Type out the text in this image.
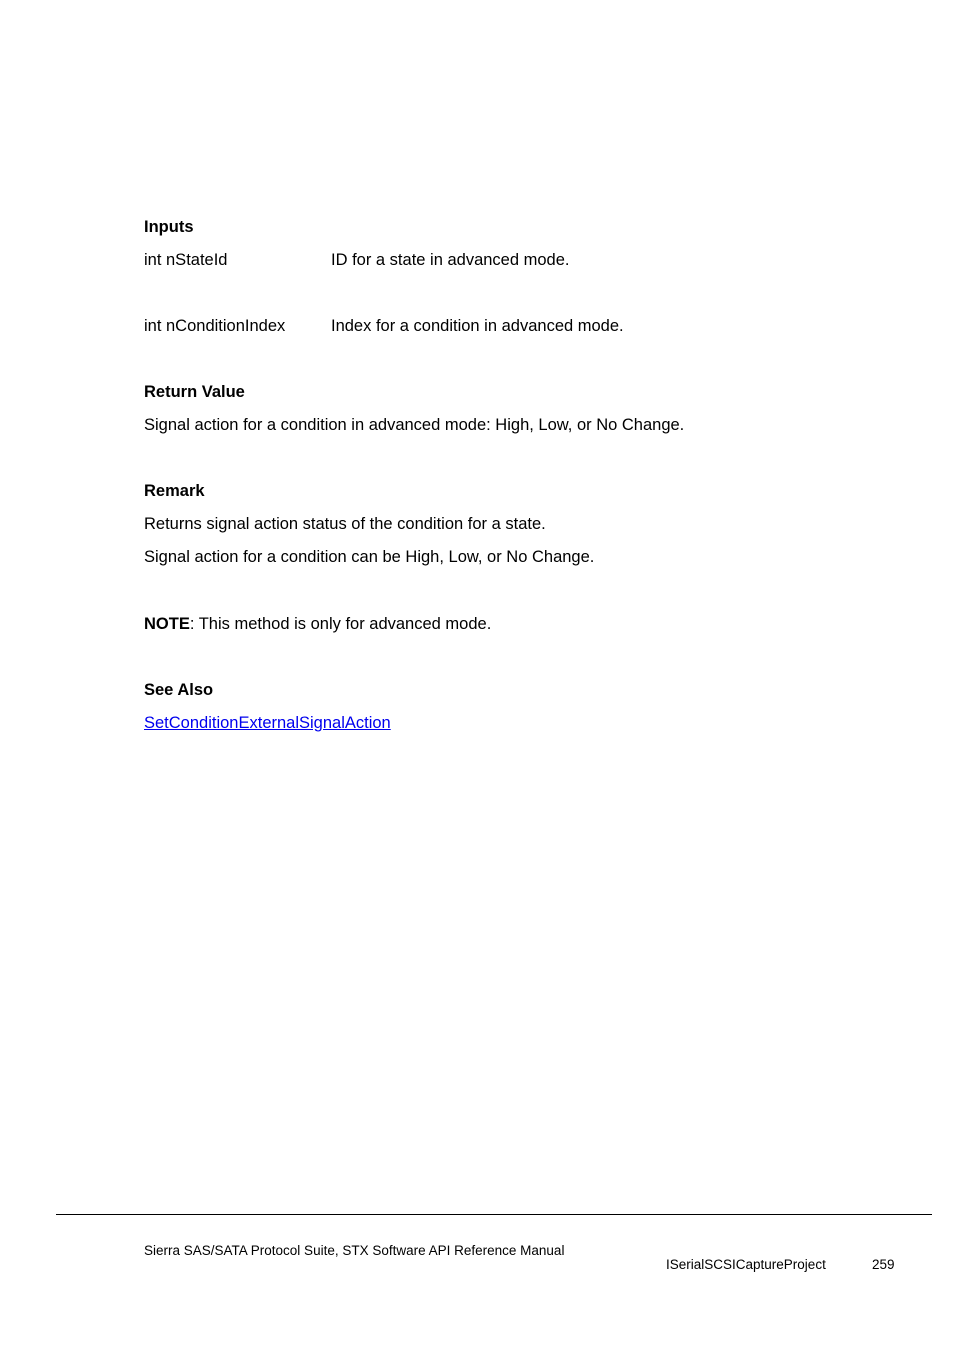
Inputs
int nStateId	ID for a state in advanced mode.
int nConditionIndex	Index for a condition in advanced mode.
Return Value
Signal action for a condition in advanced mode: High, Low, or No Change.
Remark
Returns signal action status of the condition for a state.
Signal action for a condition can be High, Low, or No Change.
NOTE: This method is only for advanced mode.
See Also
SetConditionExternalSignalAction
Sierra SAS/SATA Protocol Suite, STX Software API Reference Manual
ISerialSCSICaptureProject	259
